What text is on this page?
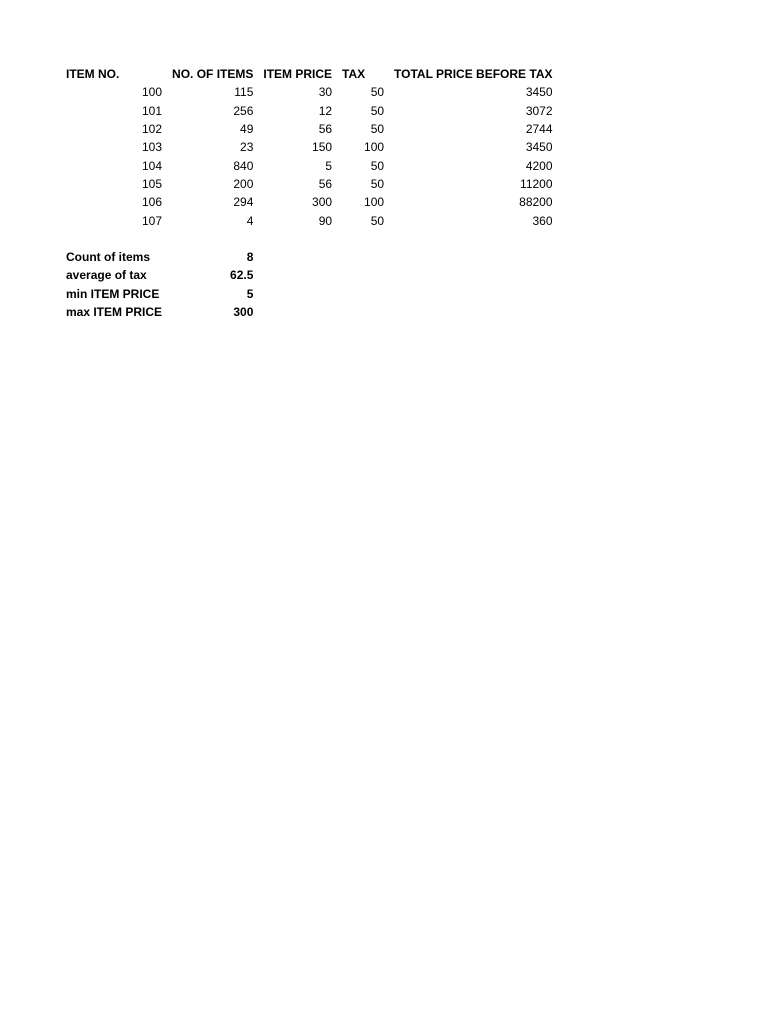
ITEM NO.	NO. OF ITEMS	ITEM PRICE	TAX	TOTAL PRICE BEFORE TAX
100	115	30	50	3450
101	256	12	50	3072
102	49	56	50	2744
103	23	150	100	3450
104	840	5	50	4200
105	200	56	50	11200
106	294	300	100	88200
107	4	90	50	360

Count of items	8			
average of tax	62.5			
min ITEM PRICE	5			
max ITEM PRICE	300			
